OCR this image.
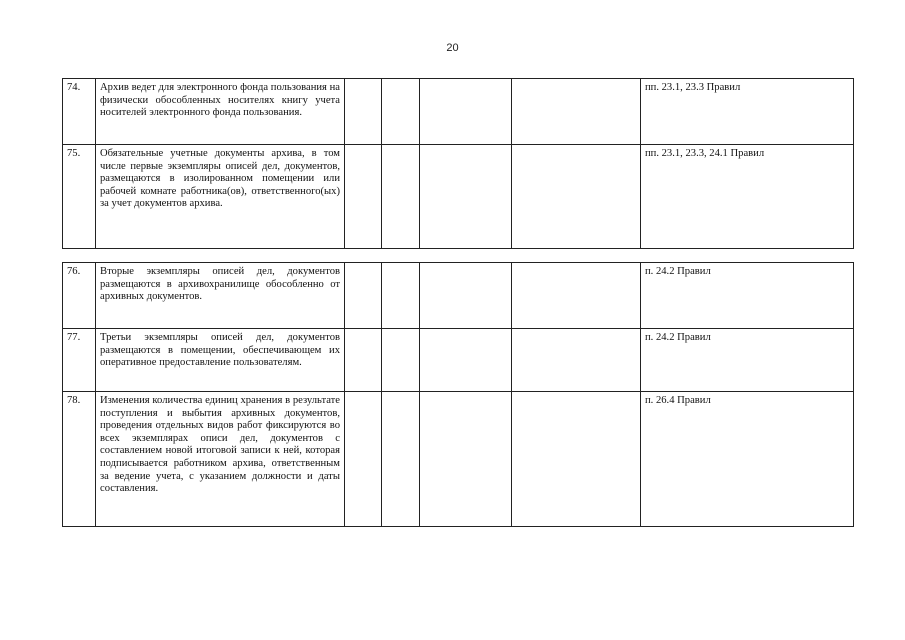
20
74.	Архив ведет для электронного фонда пользования на физически обособленных носителях книгу учета носителей электронного фонда пользования.					пп. 23.1, 23.3 Правил
75.	Обязательные учетные документы архива, в том числе первые экземпляры описей дел, документов, размещаются в изолированном помещении или рабочей комнате работника(ов), ответственного(ых) за учет документов архива.					пп. 23.1, 23.3, 24.1 Правил
76.	Вторые экземпляры описей дел, документов размещаются в архивохранилище обособленно от архивных документов.					п. 24.2 Правил
77.	Третьи экземпляры описей дел, документов размещаются в помещении, обеспечивающем их оперативное предоставление пользователям.					п. 24.2 Правил
78.	Изменения количества единиц хранения в результате поступления и выбытия архивных документов, проведения отдельных видов работ фиксируются во всех экземплярах описи дел, документов с составлением новой итоговой записи к ней, которая подписывается работником архива, ответственным за ведение учета, с указанием должности и даты составления.					п. 26.4 Правил
